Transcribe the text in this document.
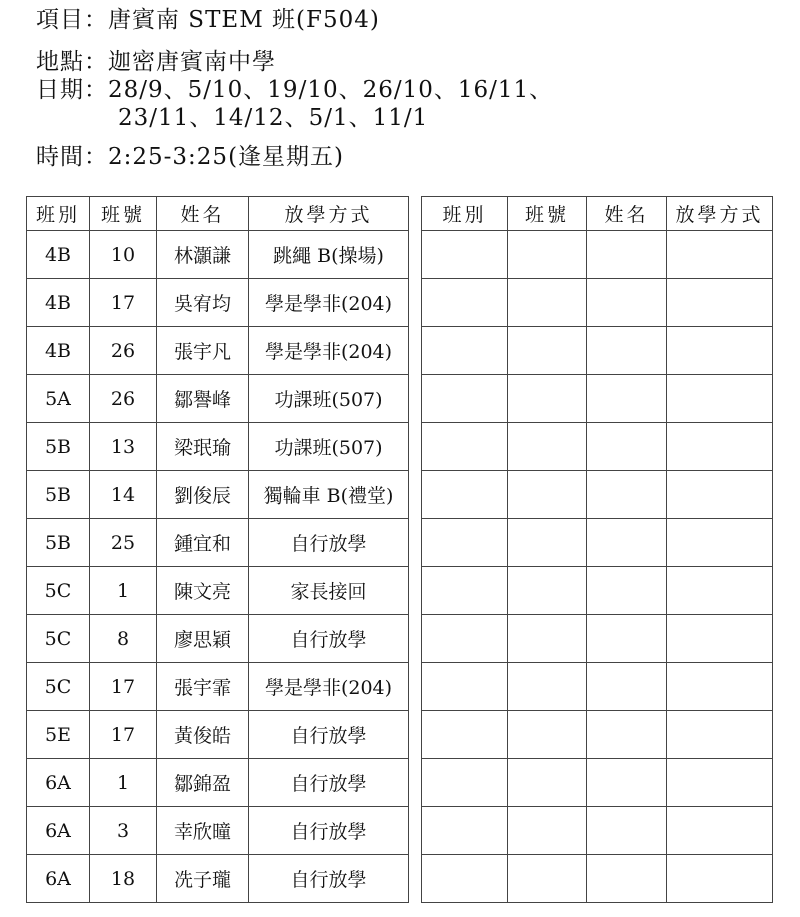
項目：唐賓南 STEM 班(F504)
地點：迦密唐賓南中學
日期：28/9、5/10、19/10、26/10、16/11、
23/11、14/12、5/1、11/1
時間：2:25-3:25(逢星期五)
班別	班號	姓名	放學方式
4B	10	林灝謙	跳繩 B(操場)
4B	17	吳宥均	學是學非(204)
4B	26	張宇凡	學是學非(204)
5A	26	鄒譽峰	功課班(507)
5B	13	梁珉瑜	功課班(507)
5B	14	劉俊辰	獨輪車 B(禮堂)
5B	25	鍾宜和	自行放學
5C	1	陳文亮	家長接回
5C	8	廖思穎	自行放學
5C	17	張宇霏	學是學非(204)
5E	17	黃俊皓	自行放學
6A	1	鄒錦盈	自行放學
6A	3	幸欣曈	自行放學
6A	18	冼子瓏	自行放學
班別	班號	姓名	放學方式
